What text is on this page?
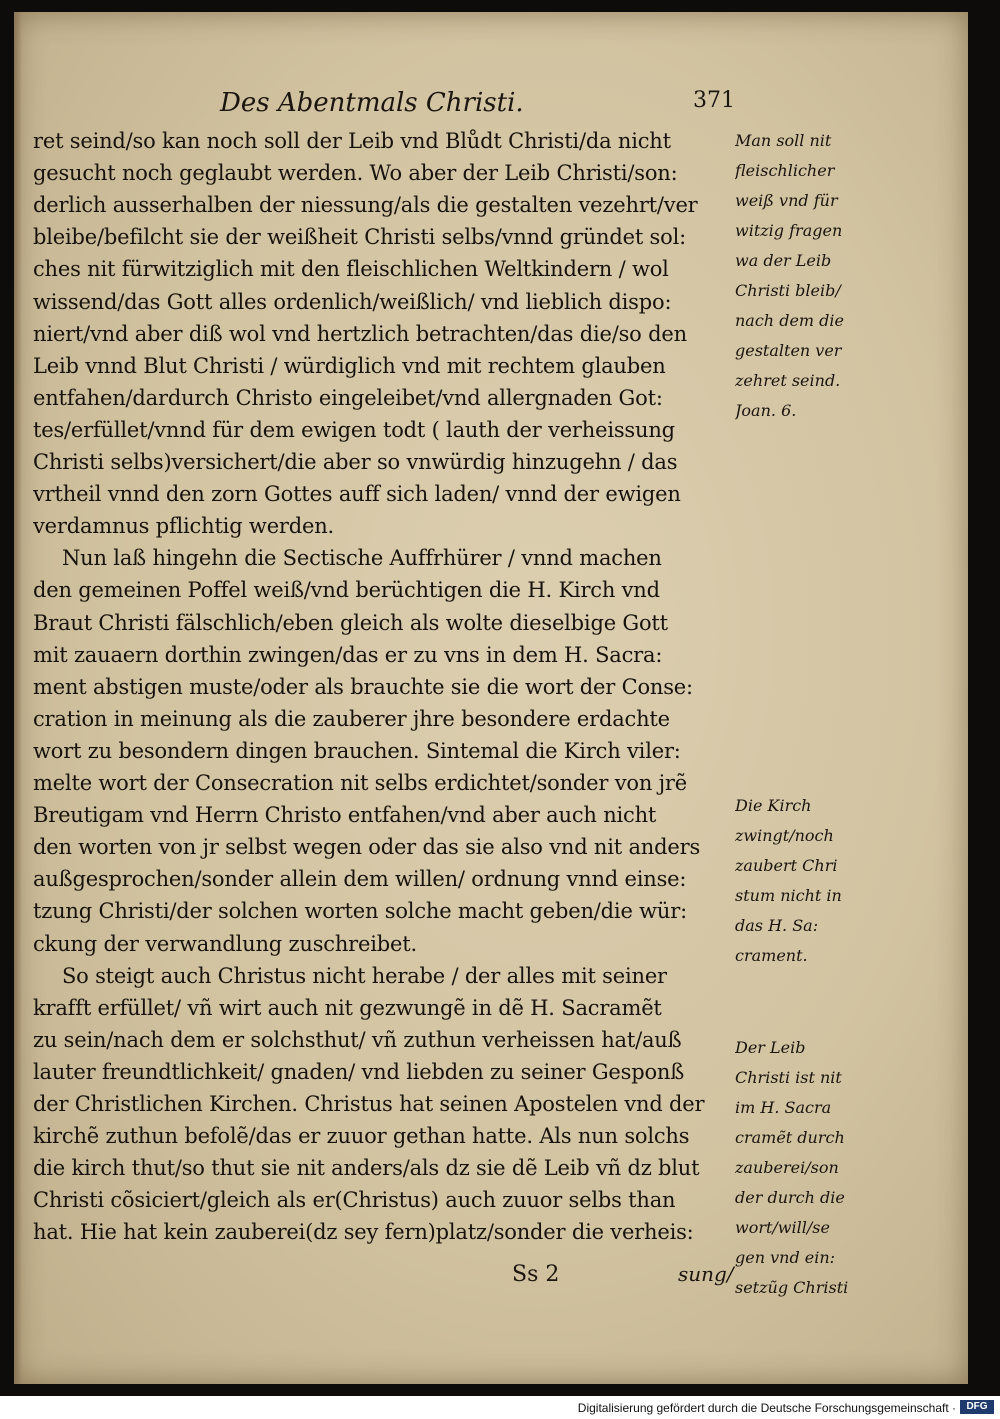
Des Abentmals Christi.	371
ret seind/so kan noch soll der Leib vnd Blůdt Christi/da nicht
gesucht noch geglaubt werden. Wo aber der Leib Christi/son:
derlich ausserhalben der niessung/als die gestalten vezehrt/ver
bleibe/befilcht sie der weißheit Christi selbs/vnnd gründet sol:
ches nit fürwitziglich mit den fleischlichen Weltkindern / wol
wissend/das Gott alles ordenlich/weißlich/ vnd lieblich dispo:
niert/vnd aber diß wol vnd hertzlich betrachten/das die/so den
Leib vnnd Blut Christi / würdiglich vnd mit rechtem glauben
entfahen/dardurch Christo eingeleibet/vnd allergnaden Got:
tes/erfüllet/vnnd für dem ewigen todt ( lauth der verheissung
Christi selbs)versichert/die aber so vnwürdig hinzugehn / das
vrtheil vnnd den zorn Gottes auff sich laden/ vnnd der ewigen
verdamnus pflichtig werden.
Nun laß hingehn die Sectische Auffrhürer / vnnd machen
den gemeinen Poffel weiß/vnd berüchtigen die H. Kirch vnd
Braut Christi fälschlich/eben gleich als wolte dieselbige Gott
mit zauaern dorthin zwingen/das er zu vns in dem H. Sacra:
ment abstigen muste/oder als brauchte sie die wort der Conse:
cration in meinung als die zauberer jhre besondere erdachte
wort zu besondern dingen brauchen. Sintemal die Kirch viler:
melte wort der Consecration nit selbs erdichtet/sonder von jrẽ
Breutigam vnd Herrn Christo entfahen/vnd aber auch nicht
den worten von jr selbst wegen oder das sie also vnd nit anders
außgesprochen/sonder allein dem willen/ ordnung vnnd einse:
tzung Christi/der solchen worten solche macht geben/die wür:
ckung der verwandlung zuschreibet.
So steigt auch Christus nicht herabe / der alles mit seiner
krafft erfüllet/ vñ wirt auch nit gezwungẽ in dẽ H. Sacramẽt
zu sein/nach dem er solchsthut/ vñ zuthun verheissen hat/auß
lauter freundtlichkeit/ gnaden/ vnd liebden zu seiner Gesponß
der Christlichen Kirchen. Christus hat seinen Apostelen vnd der
kirchẽ zuthun befolẽ/das er zuuor gethan hatte. Als nun solchs
die kirch thut/so thut sie nit anders/als dz sie dẽ Leib vñ dz blut
Christi cõsiciert/gleich als er(Christus) auch zuuor selbs than
hat. Hie hat kein zauberei(dz sey fern)platz/sonder die verheis:
Man soll nit
fleischlicher
weiß vnd für
witzig fragen
wa der Leib
Christi bleib/
nach dem die
gestalten ver
zehret seind.
Joan. 6.
Die Kirch
zwingt/noch
zaubert Chri
stum nicht in
das H. Sa:
crament.
Der Leib
Christi ist nit
im H. Sacra
cramẽt durch
zauberei/son
der durch die
wort/will/se
gen vnd ein:
setzũg Christi
Ss 2	sung/
Digitalisierung gefördert durch die Deutsche Forschungsgemeinschaft ·	DFG
